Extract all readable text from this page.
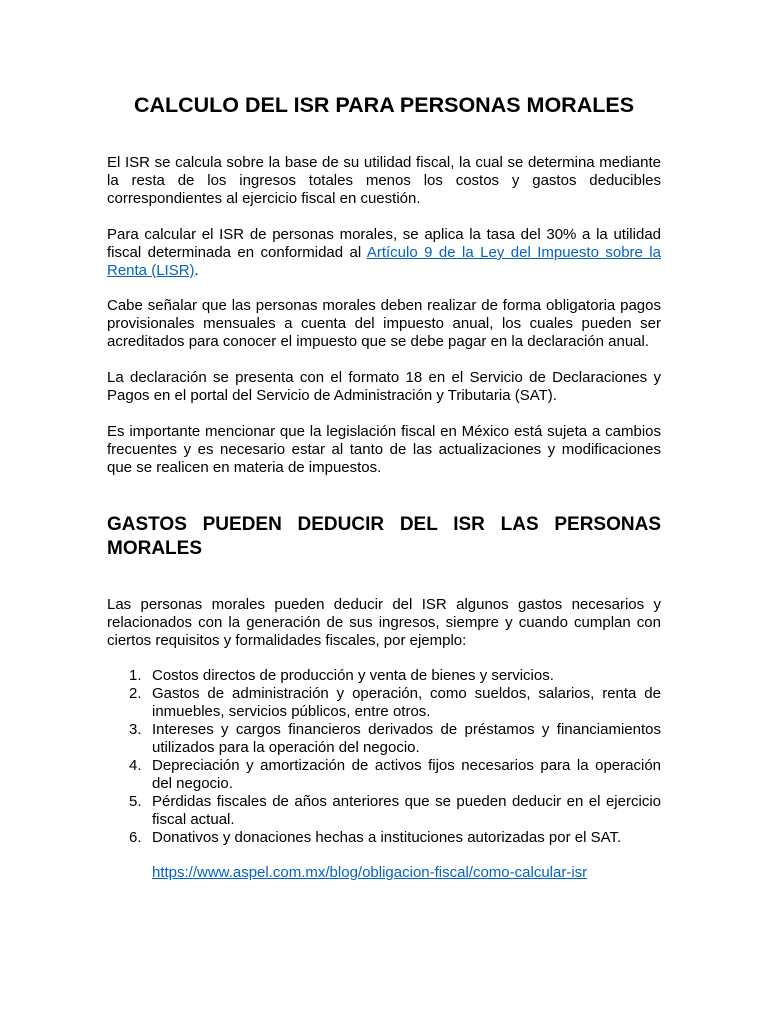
CALCULO DEL ISR PARA PERSONAS MORALES

El ISR se calcula sobre la base de su utilidad fiscal, la cual se determina mediante la resta de los ingresos totales menos los costos y gastos deducibles correspondientes al ejercicio fiscal en cuestión.

Para calcular el ISR de personas morales, se aplica la tasa del 30% a la utilidad fiscal determinada en conformidad al Artículo 9 de la Ley del Impuesto sobre la Renta (LISR).

Cabe señalar que las personas morales deben realizar de forma obligatoria pagos provisionales mensuales a cuenta del impuesto anual, los cuales pueden ser acreditados para conocer el impuesto que se debe pagar en la declaración anual.

La declaración se presenta con el formato 18 en el Servicio de Declaraciones y Pagos en el portal del Servicio de Administración y Tributaria (SAT).

Es importante mencionar que la legislación fiscal en México está sujeta a cambios frecuentes y es necesario estar al tanto de las actualizaciones y modificaciones que se realicen en materia de impuestos.

GASTOS PUEDEN DEDUCIR DEL ISR LAS PERSONAS MORALES

Las personas morales pueden deducir del ISR algunos gastos necesarios y relacionados con la generación de sus ingresos, siempre y cuando cumplan con ciertos requisitos y formalidades fiscales, por ejemplo:

1. Costos directos de producción y venta de bienes y servicios.
2. Gastos de administración y operación, como sueldos, salarios, renta de inmuebles, servicios públicos, entre otros.
3. Intereses y cargos financieros derivados de préstamos y financiamientos utilizados para la operación del negocio.
4. Depreciación y amortización de activos fijos necesarios para la operación del negocio.
5. Pérdidas fiscales de años anteriores que se pueden deducir en el ejercicio fiscal actual.
6. Donativos y donaciones hechas a instituciones autorizadas por el SAT.
https://www.aspel.com.mx/blog/obligacion-fiscal/como-calcular-isr
